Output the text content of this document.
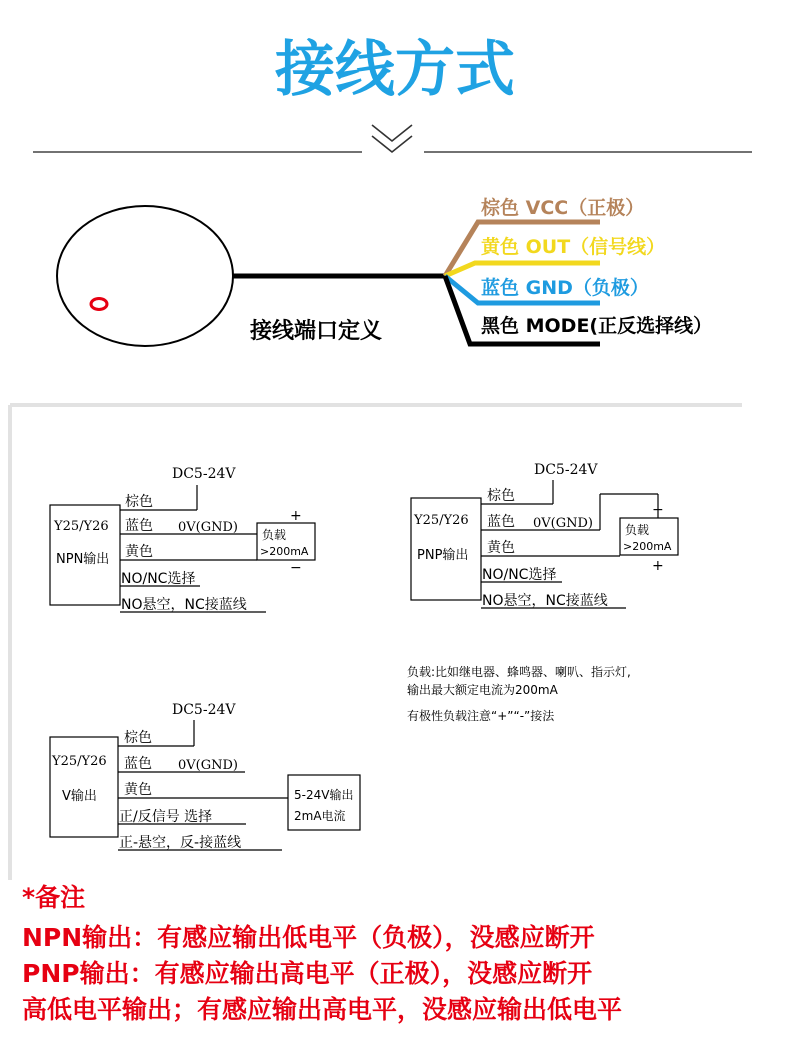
接线方式
接线端口定义
棕色 VCC（正极）
黄色 OUT（信号线）
蓝色 GND（负极）
黑色 MODE(正反选择线）
DC5-24V
Y25/Y26
NPN输出
棕色
蓝色 0V(GND)
黄色
负载
>200mA
+
−
NO/NC选择
NO悬空，NC接蓝线
DC5-24V
Y25/Y26
PNP输出
棕色
蓝色 0V(GND)
黄色
负载
>200mA
−
+
NO/NC选择
NO悬空，NC接蓝线
负载:比如继电器、蜂鸣器、喇叭、指示灯,
输出最大额定电流为200mA
有极性负载注意“+”“-”接法
DC5-24V
Y25/Y26
V输出
棕色
蓝色 0V(GND)
黄色
正/反信号 选择
正-悬空，反-接蓝线
5-24V输出
2mA电流
*备注
NPN输出：有感应输出低电平（负极），没感应断开
PNP输出：有感应输出高电平（正极），没感应断开
高低电平输出；有感应输出高电平，没感应输出低电平
